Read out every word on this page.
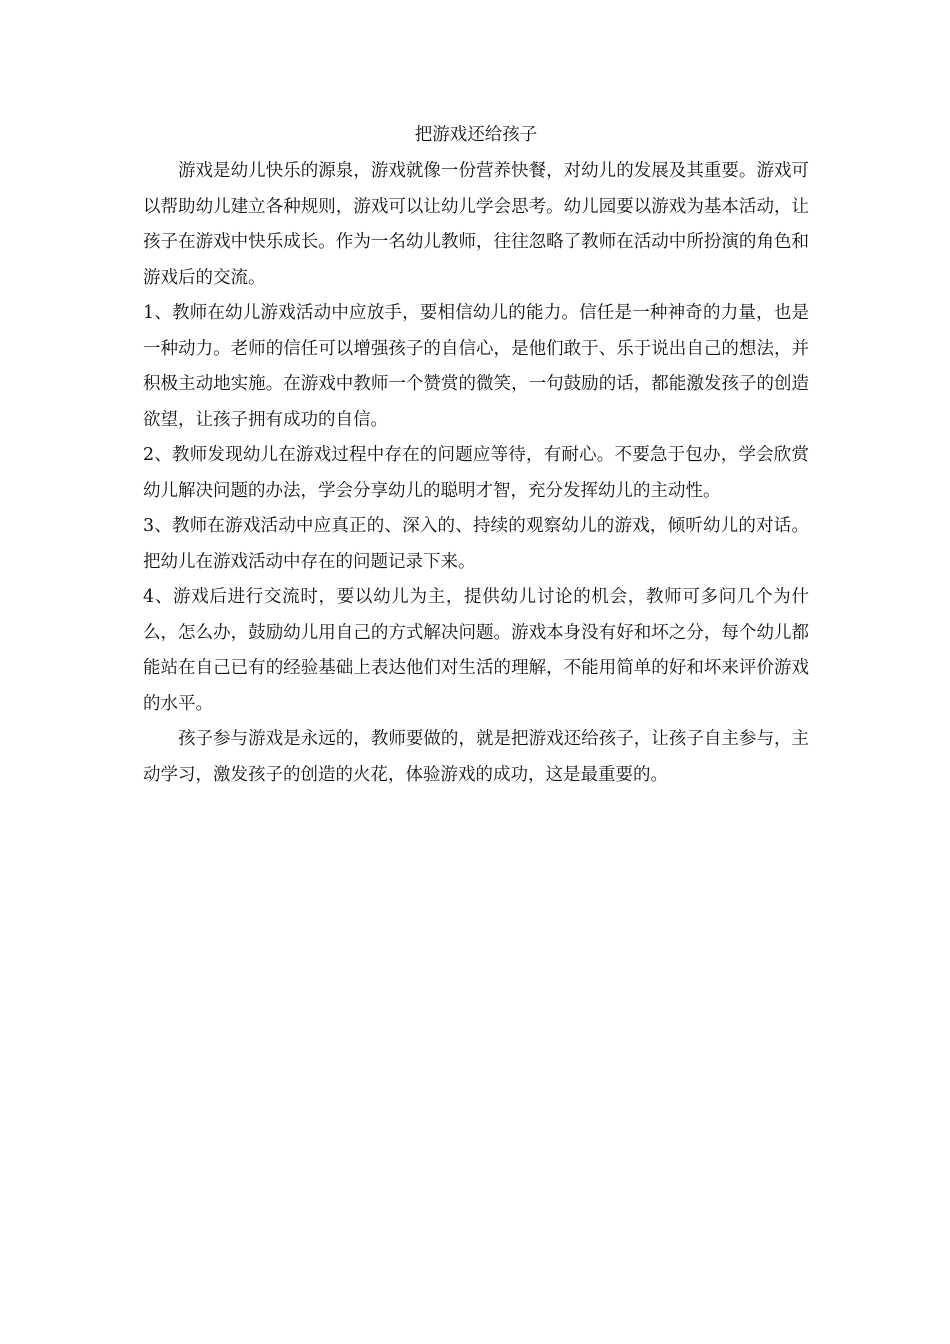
把游戏还给孩子

游戏是幼儿快乐的源泉，游戏就像一份营养快餐，对幼儿的发展及其重要。游戏可以帮助幼儿建立各种规则，游戏可以让幼儿学会思考。幼儿园要以游戏为基本活动，让孩子在游戏中快乐成长。作为一名幼儿教师，往往忽略了教师在活动中所扮演的角色和游戏后的交流。

1、教师在幼儿游戏活动中应放手，要相信幼儿的能力。信任是一种神奇的力量，也是一种动力。老师的信任可以增强孩子的自信心，是他们敢于、乐于说出自己的想法，并积极主动地实施。在游戏中教师一个赞赏的微笑，一句鼓励的话，都能激发孩子的创造欲望，让孩子拥有成功的自信。

2、教师发现幼儿在游戏过程中存在的问题应等待，有耐心。不要急于包办，学会欣赏幼儿解决问题的办法，学会分享幼儿的聪明才智，充分发挥幼儿的主动性。

3、教师在游戏活动中应真正的、深入的、持续的观察幼儿的游戏，倾听幼儿的对话。把幼儿在游戏活动中存在的问题记录下来。

4、游戏后进行交流时，要以幼儿为主，提供幼儿讨论的机会，教师可多问几个为什么，怎么办，鼓励幼儿用自己的方式解决问题。游戏本身没有好和坏之分，每个幼儿都能站在自己已有的经验基础上表达他们对生活的理解，不能用简单的好和坏来评价游戏的水平。

孩子参与游戏是永远的，教师要做的，就是把游戏还给孩子，让孩子自主参与，主动学习，激发孩子的创造的火花，体验游戏的成功，这是最重要的。
